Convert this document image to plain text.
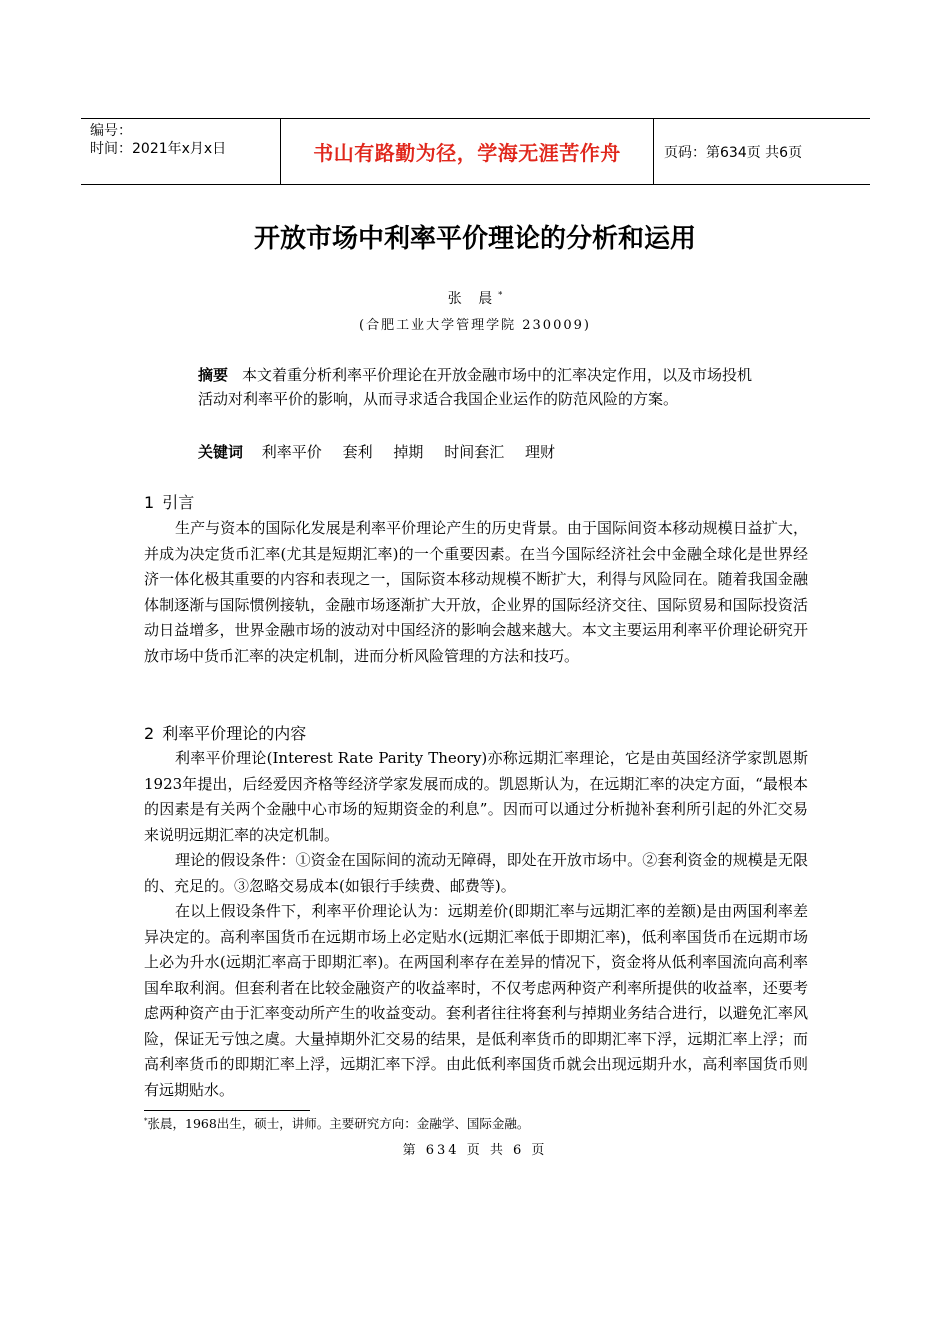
编号：
时间：2021年x月x日	书山有路勤为径，学海无涯苦作舟	页码：第634页 共6页
开放市场中利率平价理论的分析和运用
张 晨*
(合肥工业大学管理学院 230009)
摘要 本文着重分析利率平价理论在开放金融市场中的汇率决定作用，以及市场投机活动对利率平价的影响，从而寻求适合我国企业运作的防范风险的方案。
关键词 利率平价 套利 掉期 时间套汇 理财
1 引言

生产与资本的国际化发展是利率平价理论产生的历史背景。由于国际间资本移动规模日益扩大，并成为决定货币汇率(尤其是短期汇率)的一个重要因素。在当今国际经济社会中金融全球化是世界经济一体化极其重要的内容和表现之一，国际资本移动规模不断扩大，利得与风险同在。随着我国金融体制逐渐与国际惯例接轨，金融市场逐渐扩大开放，企业界的国际经济交往、国际贸易和国际投资活动日益增多，世界金融市场的波动对中国经济的影响会越来越大。本文主要运用利率平价理论研究开放市场中货币汇率的决定机制，进而分析风险管理的方法和技巧。

2 利率平价理论的内容

利率平价理论(Interest Rate Parity Theory)亦称远期汇率理论，它是由英国经济学家凯恩斯1923年提出，后经爱因齐格等经济学家发展而成的。凯恩斯认为，在远期汇率的决定方面，“最根本的因素是有关两个金融中心市场的短期资金的利息”。因而可以通过分析抛补套利所引起的外汇交易来说明远期汇率的决定机制。

理论的假设条件：①资金在国际间的流动无障碍，即处在开放市场中。②套利资金的规模是无限的、充足的。③忽略交易成本(如银行手续费、邮费等)。

在以上假设条件下，利率平价理论认为：远期差价(即期汇率与远期汇率的差额)是由两国利率差异决定的。高利率国货币在远期市场上必定贴水(远期汇率低于即期汇率)，低利率国货币在远期市场上必为升水(远期汇率高于即期汇率)。在两国利率存在差异的情况下，资金将从低利率国流向高利率国牟取利润。但套利者在比较金融资产的收益率时，不仅考虑两种资产利率所提供的收益率，还要考虑两种资产由于汇率变动所产生的收益变动。套利者往往将套利与掉期业务结合进行，以避免汇率风险，保证无亏蚀之虞。大量掉期外汇交易的结果，是低利率货币的即期汇率下浮，远期汇率上浮；而高利率货币的即期汇率上浮，远期汇率下浮。由此低利率国货币就会出现远期升水，高利率国货币则有远期贴水。

*张晨，1968出生，硕士，讲师。主要研究方向：金融学、国际金融。
第 634 页 共 6 页
